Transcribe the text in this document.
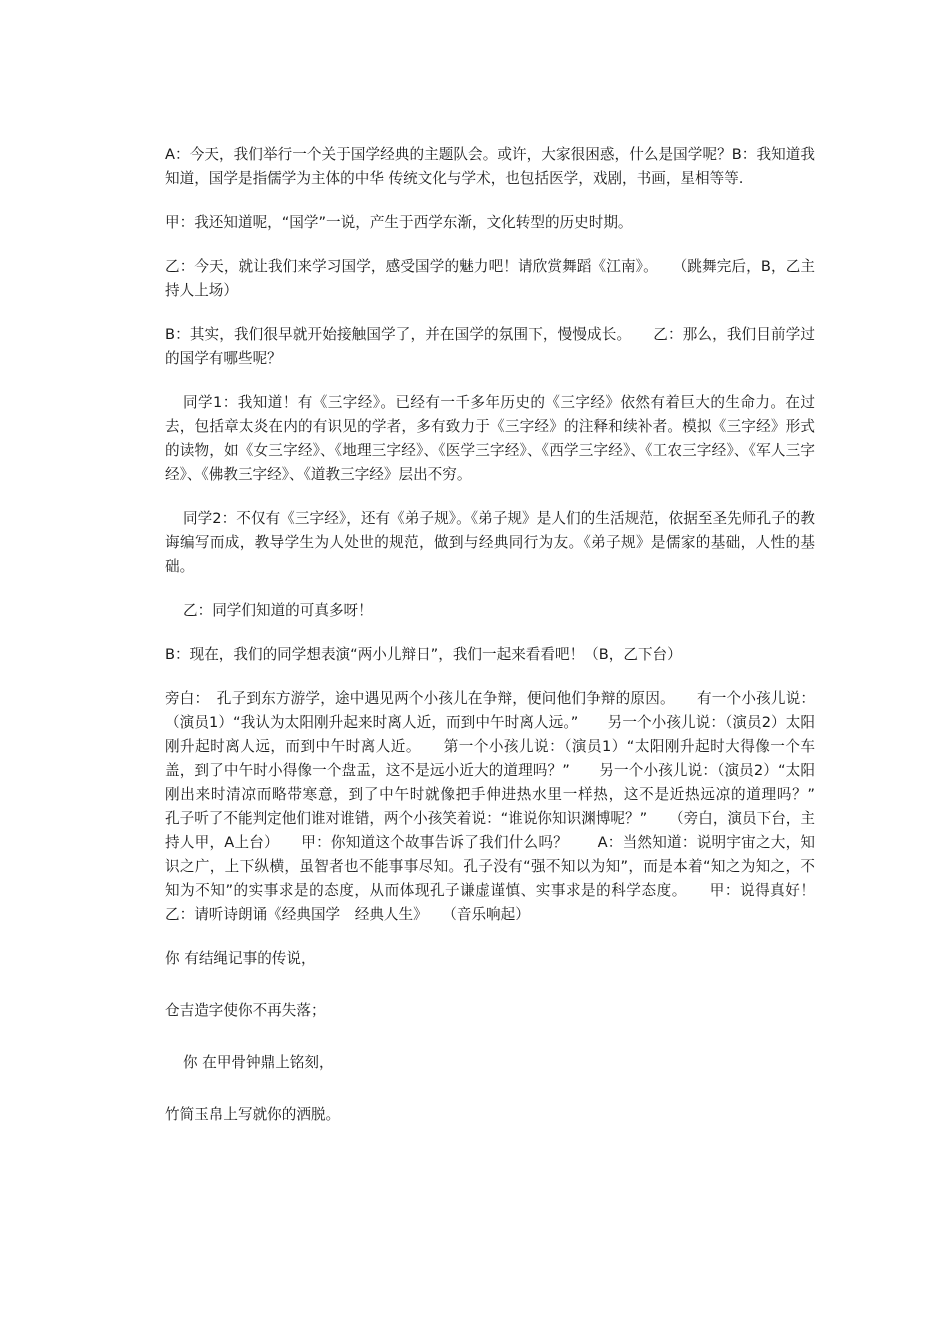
A：今天，我们举行一个关于国学经典的主题队会。或许，大家很困惑，什么是国学呢？B：我知道我知道，国学是指儒学为主体的中华 传统文化与学术，也包括医学，戏剧，书画，星相等等.

甲：我还知道呢，“国学”一说，产生于西学东渐，文化转型的历史时期。

乙：今天，就让我们来学习国学，感受国学的魅力吧！请欣赏舞蹈《江南》。　　（跳舞完后，B，乙主持人上场）

B：其实，我们很早就开始接触国学了，并在国学的氛围下，慢慢成长。　　乙：那么，我们目前学过的国学有哪些呢？

同学1：我知道！有《三字经》。已经有一千多年历史的《三字经》依然有着巨大的生命力。在过去，包括章太炎在内的有识见的学者，多有致力于《三字经》的注释和续补者。模拟《三字经》形式的读物，如《女三字经》、《地理三字经》、《医学三字经》、《西学三字经》、《工农三字经》、《军人三字经》、《佛教三字经》、《道教三字经》层出不穷。

同学2：不仅有《三字经》，还有《弟子规》。《弟子规》是人们的生活规范，依据至圣先师孔子的教诲编写而成，教导学生为人处世的规范，做到与经典同行为友。《弟子规》是儒家的基础，人性的基础。

乙：同学们知道的可真多呀！

B：现在，我们的同学想表演“两小儿辩日”，我们一起来看看吧！（B，乙下台）

旁白：　孔子到东方游学，途中遇见两个小孩儿在争辩，便问他们争辩的原因。　　有一个小孩儿说：（演员1）“我认为太阳刚升起来时离人近，而到中午时离人远。”　　另一个小孩儿说：（演员2）太阳刚升起时离人远，而到中午时离人近。　　第一个小孩儿说：（演员1）“太阳刚升起时大得像一个车盖，到了中午时小得像一个盘盂，这不是远小近大的道理吗？”　　另一个小孩儿说：（演员2）“太阳刚出来时清凉而略带寒意，到了中午时就像把手伸进热水里一样热，这不是近热远凉的道理吗？”　　孔子听了不能判定他们谁对谁错，两个小孩笑着说：“谁说你知识渊博呢？”　　（旁白，演员下台，主持人甲，A上台）　　甲：你知道这个故事告诉了我们什么吗？　　A：当然知道：说明宇宙之大，知识之广，上下纵横，虽智者也不能事事尽知。孔子没有“强不知以为知”，而是本着“知之为知之，不知为不知”的实事求是的态度，从而体现孔子谦虚谨慎、实事求是的科学态度。　　甲：说得真好！　　乙：请听诗朗诵《经典国学　经典人生》　　（音乐响起）

你 有结绳记事的传说，

仓吉造字使你不再失落；

你 在甲骨钟鼎上铭刻，

竹简玉帛上写就你的洒脱。
